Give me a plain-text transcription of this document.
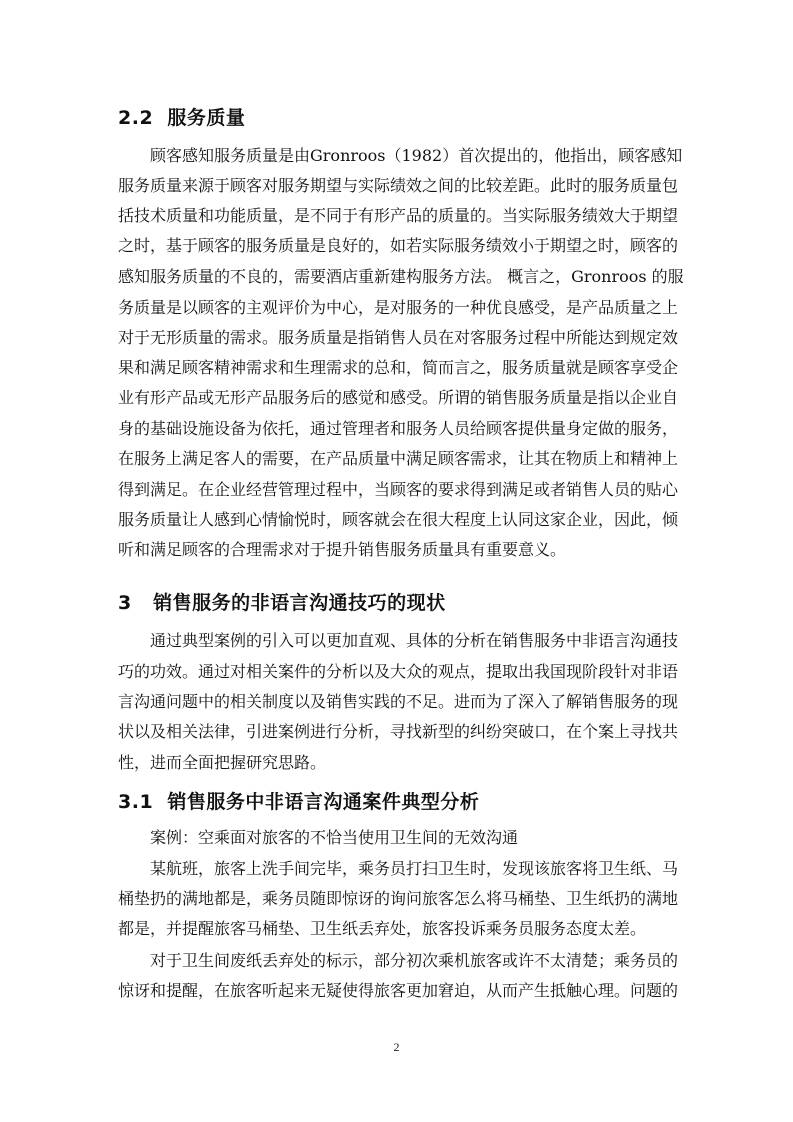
2.2 服务质量
顾客感知服务质量是由Gronroos（1982）首次提出的，他指出，顾客感知
服务质量来源于顾客对服务期望与实际绩效之间的比较差距。此时的服务质量包
括技术质量和功能质量，是不同于有形产品的质量的。当实际服务绩效大于期望
之时，基于顾客的服务质量是良好的，如若实际服务绩效小于期望之时，顾客的
感知服务质量的不良的，需要酒店重新建构服务方法。 概言之，Gronroos 的服
务质量是以顾客的主观评价为中心，是对服务的一种优良感受，是产品质量之上
对于无形质量的需求。服务质量是指销售人员在对客服务过程中所能达到规定效
果和满足顾客精神需求和生理需求的总和，简而言之，服务质量就是顾客享受企
业有形产品或无形产品服务后的感觉和感受。所谓的销售服务质量是指以企业自
身的基础设施设备为依托，通过管理者和服务人员给顾客提供量身定做的服务，
在服务上满足客人的需要，在产品质量中满足顾客需求，让其在物质上和精神上
得到满足。在企业经营管理过程中，当顾客的要求得到满足或者销售人员的贴心
服务质量让人感到心情愉悦时，顾客就会在很大程度上认同这家企业，因此，倾
听和满足顾客的合理需求对于提升销售服务质量具有重要意义。
3 销售服务的非语言沟通技巧的现状
通过典型案例的引入可以更加直观、具体的分析在销售服务中非语言沟通技
巧的功效。通过对相关案件的分析以及大众的观点，提取出我国现阶段针对非语
言沟通问题中的相关制度以及销售实践的不足。进而为了深入了解销售服务的现
状以及相关法律，引进案例进行分析，寻找新型的纠纷突破口，在个案上寻找共
性，进而全面把握研究思路。
3.1 销售服务中非语言沟通案件典型分析
案例：空乘面对旅客的不恰当使用卫生间的无效沟通
某航班，旅客上洗手间完毕，乘务员打扫卫生时，发现该旅客将卫生纸、马
桶垫扔的满地都是，乘务员随即惊讶的询问旅客怎么将马桶垫、卫生纸扔的满地
都是，并提醒旅客马桶垫、卫生纸丢弃处，旅客投诉乘务员服务态度太差。
对于卫生间废纸丢弃处的标示，部分初次乘机旅客或许不太清楚；乘务员的
惊讶和提醒，在旅客听起来无疑使得旅客更加窘迫，从而产生抵触心理。问题的
2
